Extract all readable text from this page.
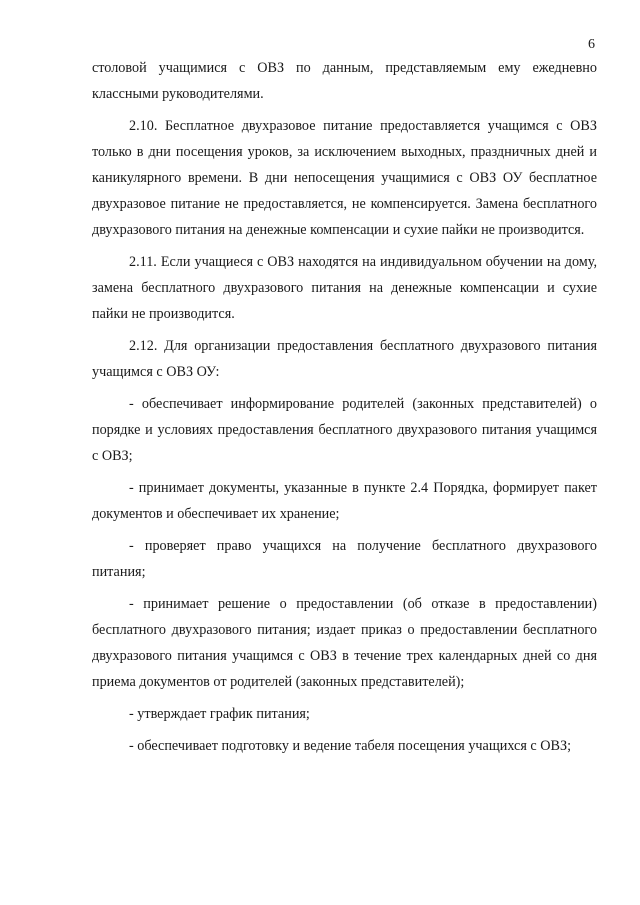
6

столовой учащимися с ОВЗ по данным, представляемым ему ежедневно классными руководителями.

2.10. Бесплатное двухразовое питание предоставляется учащимся с ОВЗ только в дни посещения уроков, за исключением выходных, праздничных дней и каникулярного времени. В дни непосещения учащимися с ОВЗ ОУ бесплатное двухразовое питание не предоставляется, не компенсируется. Замена бесплатного двухразового питания на денежные компенсации и сухие пайки не производится.

2.11. Если учащиеся с ОВЗ находятся на индивидуальном обучении на дому, замена бесплатного двухразового питания на денежные компенсации и сухие пайки не производится.

2.12. Для организации предоставления бесплатного двухразового питания учащимся с ОВЗ ОУ:

- обеспечивает информирование родителей (законных представителей) о порядке и условиях предоставления бесплатного двухразового питания учащимся с ОВЗ;

- принимает документы, указанные в пункте 2.4 Порядка, формирует пакет документов и обеспечивает их хранение;

- проверяет право учащихся на получение бесплатного двухразового питания;

- принимает решение о предоставлении (об отказе в предоставлении) бесплатного двухразового питания; издает приказ о предоставлении бесплатного двухразового питания учащимся с ОВЗ в течение трех календарных дней со дня приема документов от родителей (законных представителей);

- утверждает график питания;

- обеспечивает подготовку и ведение табеля посещения учащихся с ОВЗ;
